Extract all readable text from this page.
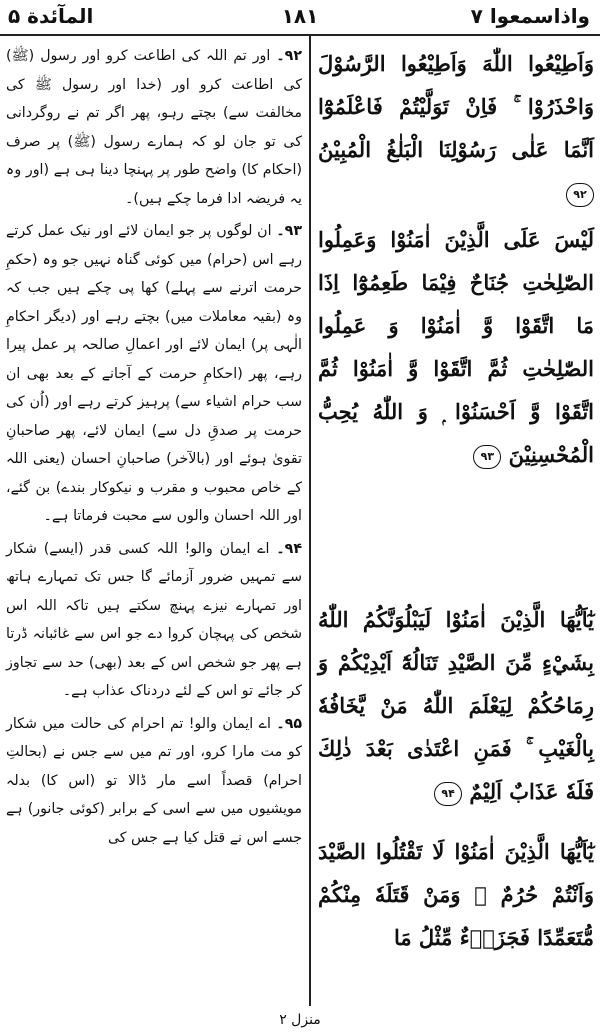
واذاسمعوا ۷
۱۸۱
المآئدة ۵

وَاَطِيْعُوا اللّٰهَ وَاَطِيْعُوا الرَّسُوْلَ وَاحْذَرُوْا ۚ فَاِنْ تَوَلَّيْتُمْ فَاعْلَمُوْٓا اَنَّمَا عَلٰى رَسُوْلِنَا الْبَلٰغُ الْمُبِيْنُ ۹۲

لَيْسَ عَلَى الَّذِيْنَ اٰمَنُوْا وَعَمِلُوا الصّٰلِحٰتِ جُنَاحٌ فِيْمَا طَعِمُوْٓا اِذَا مَا اتَّقَوْا وَّ اٰمَنُوْا وَ عَمِلُوا الصّٰلِحٰتِ ثُمَّ اتَّقَوْا وَّ اٰمَنُوْا ثُمَّ اتَّقَوْا وَّ اَحْسَنُوْا ۭ وَ اللّٰهُ يُحِبُّ الْمُحْسِنِيْنَ ۹۳

يٰٓاَيُّهَا الَّذِيْنَ اٰمَنُوْا لَيَبْلُوَنَّكُمُ اللّٰهُ بِشَيْءٍ مِّنَ الصَّيْدِ تَنَالُهٗٓ اَيْدِيْكُمْ وَ رِمَاحُكُمْ لِيَعْلَمَ اللّٰهُ مَنْ يَّخَافُهٗ بِالْغَيْبِ ۚ فَمَنِ اعْتَدٰى بَعْدَ ذٰلِكَ فَلَهٗ عَذَابٌ اَلِيْمٌ ۹۴

يٰٓاَيُّهَا الَّذِيْنَ اٰمَنُوْا لَا تَقْتُلُوا الصَّيْدَ وَاَنْتُمْ حُرُمٌ ۭ وَمَنْ قَتَلَهٗ مِنْكُمْ مُّتَعَمِّدًا فَجَزَاۗءٌ مِّثْلُ مَا

۹۲۔ اور تم اللہ کی اطاعت کرو اور رسول (ﷺ) کی اطاعت کرو اور (خدا اور رسول ﷺ کی مخالفت سے) بچتے رہو، پھر اگر تم نے روگردانی کی تو جان لو کہ ہمارے رسول (ﷺ) پر صرف (احکام کا) واضح طور پر پہنچا دینا ہی ہے (اور وہ یہ فریضہ ادا فرما چکے ہیں)۔

۹۳۔ ان لوگوں پر جو ایمان لائے اور نیک عمل کرتے رہے اس (حرام) میں کوئی گناہ نہیں جو وہ (حکمِ حرمت اترنے سے پہلے) کھا پی چکے ہیں جب کہ وہ (بقیہ معاملات میں) بچتے رہے اور (دیگر احکامِ الٰہی پر) ایمان لائے اور اعمالِ صالحہ پر عمل پیرا رہے، پھر (احکامِ حرمت کے آجانے کے بعد بھی ان سب حرام اشیاء سے) پرہیز کرتے رہے اور (اُن کی حرمت پر صدقِ دل سے) ایمان لائے، پھر صاحبانِ تقویٰ ہوئے اور (بالآخر) صاحبانِ احسان (یعنی اللہ کے خاص محبوب و مقرب و نیکوکار بندے) بن گئے، اور اللہ احسان والوں سے محبت فرماتا ہے۔

۹۴۔ اے ایمان والو! اللہ کسی قدر (ایسے) شکار سے تمہیں ضرور آزمائے گا جس تک تمہارے ہاتھ اور تمہارے نیزے پہنچ سکتے ہیں تاکہ اللہ اس شخص کی پہچان کروا دے جو اس سے غائبانہ ڈرتا ہے پھر جو شخص اس کے بعد (بھی) حد سے تجاوز کر جائے تو اس کے لئے دردناک عذاب ہے۔

۹۵۔ اے ایمان والو! تم احرام کی حالت میں شکار کو مت مارا کرو، اور تم میں سے جس نے (بحالتِ احرام) قصداً اسے مار ڈالا تو (اس کا) بدلہ مویشیوں میں سے اسی کے برابر (کوئی جانور) ہے جسے اس نے قتل کیا ہے جس کی

منزل ۲
